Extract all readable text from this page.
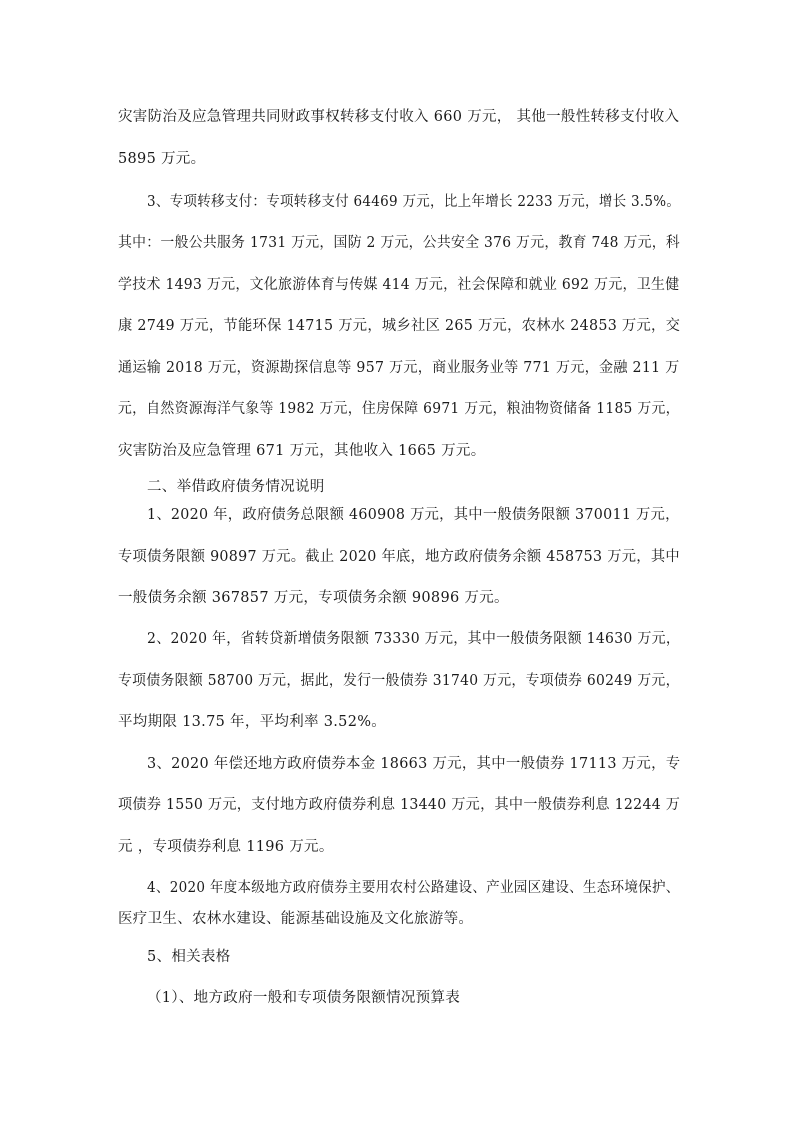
灾害防治及应急管理共同财政事权转移支付收入 660 万元， 其他一般性转移支付收入
5895 万元。
3、专项转移支付：专项转移支付 64469 万元，比上年增长 2233 万元，增长 3.5%。
其中：一般公共服务 1731 万元，国防 2 万元，公共安全 376 万元，教育 748 万元，科
学技术 1493 万元，文化旅游体育与传媒 414 万元，社会保障和就业 692 万元，卫生健
康 2749 万元，节能环保 14715 万元，城乡社区 265 万元，农林水 24853 万元，交
通运输 2018 万元，资源勘探信息等 957 万元，商业服务业等 771 万元，金融 211 万
元，自然资源海洋气象等 1982 万元，住房保障 6971 万元，粮油物资储备 1185 万元，
灾害防治及应急管理 671 万元，其他收入 1665 万元。
二、举借政府债务情况说明
1、2020 年，政府债务总限额 460908 万元，其中一般债务限额 370011 万元，
专项债务限额 90897 万元。截止 2020 年底，地方政府债务余额 458753 万元，其中
一般债务余额 367857 万元，专项债务余额 90896 万元。
2、2020 年，省转贷新增债务限额 73330 万元，其中一般债务限额 14630 万元，
专项债务限额 58700 万元，据此，发行一般债券 31740 万元，专项债券 60249 万元，
平均期限 13.75 年，平均利率 3.52%。
3、2020 年偿还地方政府债券本金 18663 万元，其中一般债券 17113 万元，专
项债券 1550 万元，支付地方政府债券利息 13440 万元，其中一般债券利息 12244 万
元 ，专项债券利息 1196 万元。
4、2020 年度本级地方政府债券主要用农村公路建设、产业园区建设、生态环境保护、
医疗卫生、农林水建设、能源基础设施及文化旅游等。
5、相关表格
（1）、地方政府一般和专项债务限额情况预算表
